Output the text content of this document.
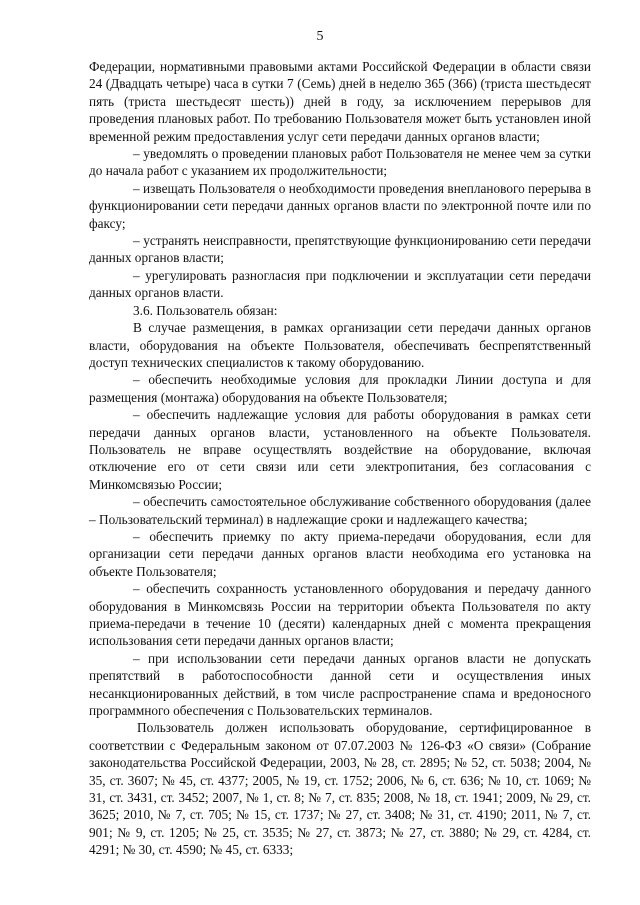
5

Федерации, нормативными правовыми актами Российской Федерации в области связи 24 (Двадцать четыре) часа в сутки 7 (Семь) дней в неделю 365 (366) (триста шестьдесят пять (триста шестьдесят шесть)) дней в году, за исключением перерывов для проведения плановых работ. По требованию Пользователя может быть установлен иной временной режим предоставления услуг сети передачи данных органов власти;

– уведомлять о проведении плановых работ Пользователя не менее чем за сутки до начала работ с указанием их продолжительности;

– извещать Пользователя о необходимости проведения внепланового перерыва в функционировании сети передачи данных органов власти по электронной почте или по факсу;

– устранять неисправности, препятствующие функционированию сети передачи данных органов власти;

– урегулировать разногласия при подключении и эксплуатации сети передачи данных органов власти.

3.6. Пользователь обязан:

В случае размещения, в рамках организации сети передачи данных органов власти, оборудования на объекте Пользователя, обеспечивать беспрепятственный доступ технических специалистов к такому оборудованию.

– обеспечить необходимые условия для прокладки Линии доступа и для размещения (монтажа) оборудования на объекте Пользователя;

– обеспечить надлежащие условия для работы оборудования в рамках сети передачи данных органов власти, установленного на объекте Пользователя. Пользователь не вправе осуществлять воздействие на оборудование, включая отключение его от сети связи или сети электропитания, без согласования с Минкомсвязью России;

– обеспечить самостоятельное обслуживание собственного оборудования (далее – Пользовательский терминал) в надлежащие сроки и надлежащего качества;

– обеспечить приемку по акту приема-передачи оборудования, если для организации сети передачи данных органов власти необходима его установка на объекте Пользователя;

– обеспечить сохранность установленного оборудования и передачу данного оборудования в Минкомсвязь России на территории объекта Пользователя по акту приема-передачи в течение 10 (десяти) календарных дней с момента прекращения использования сети передачи данных органов власти;

– при использовании сети передачи данных органов власти не допускать препятствий в работоспособности данной сети и осуществления иных несанкционированных действий, в том числе распространение спама и вредоносного программного обеспечения с Пользовательских терминалов.

Пользователь должен использовать оборудование, сертифицированное в соответствии с Федеральным законом от 07.07.2003 № 126-ФЗ «О связи» (Собрание законодательства Российской Федерации, 2003, № 28, ст. 2895; № 52, ст. 5038; 2004, № 35, ст. 3607; № 45, ст. 4377; 2005, № 19, ст. 1752; 2006, № 6, ст. 636; № 10, ст. 1069; № 31, ст. 3431, ст. 3452; 2007, № 1, ст. 8; № 7, ст. 835; 2008, № 18, ст. 1941; 2009, № 29, ст. 3625; 2010, № 7, ст. 705; № 15, ст. 1737; № 27, ст. 3408; № 31, ст. 4190; 2011, № 7, ст. 901; № 9, ст. 1205; № 25, ст. 3535; № 27, ст. 3873; № 27, ст. 3880; № 29, ст. 4284, ст. 4291; № 30, ст. 4590; № 45, ст. 6333;
